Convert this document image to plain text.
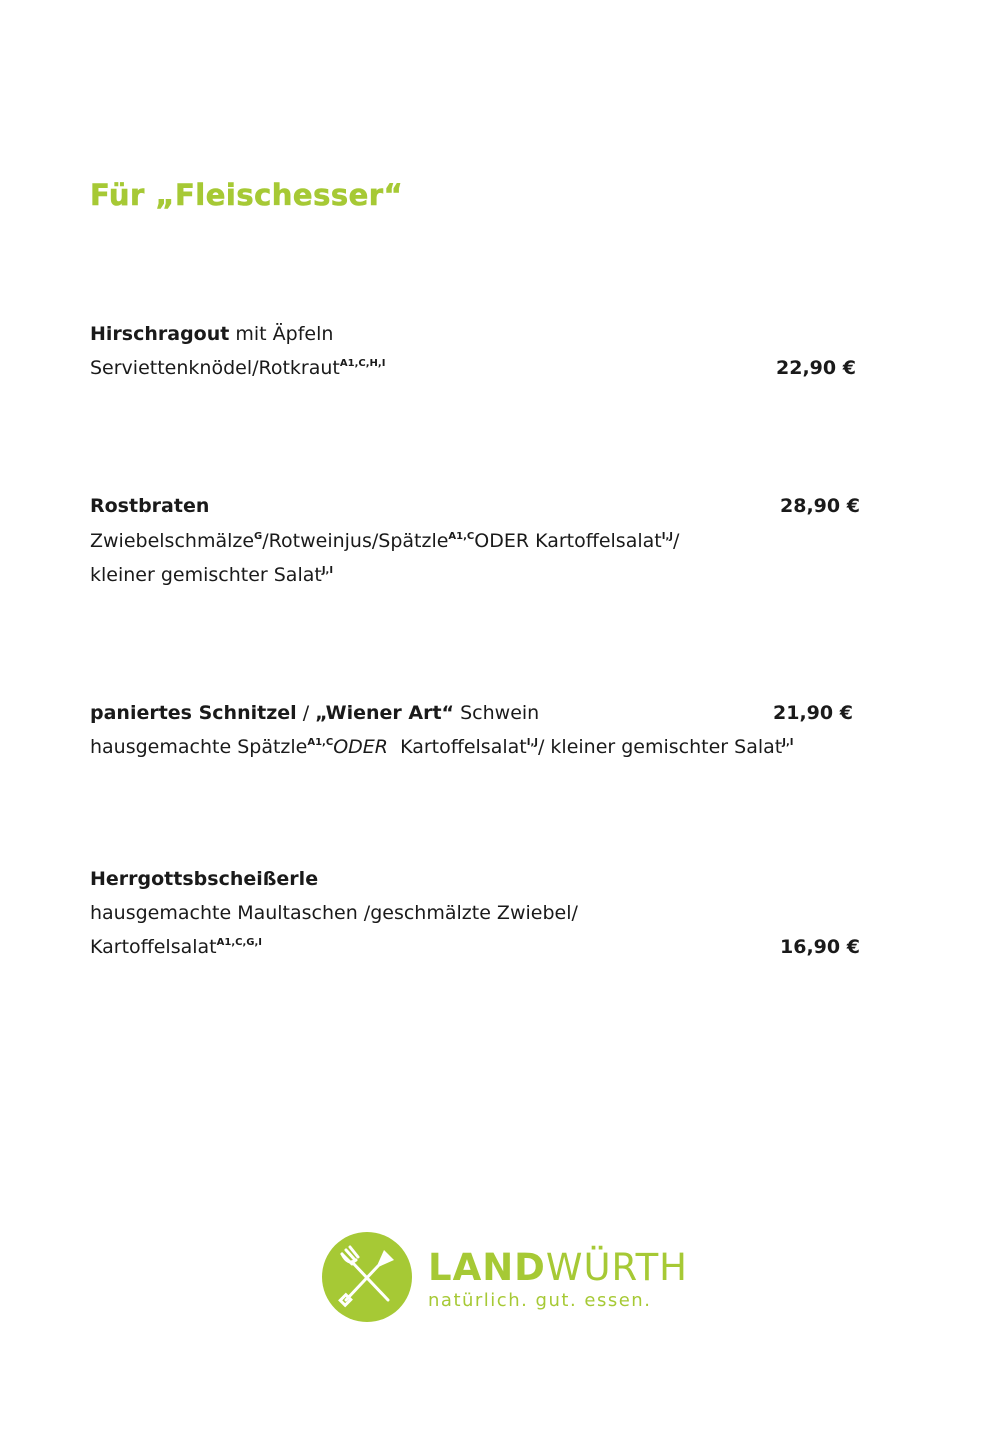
Für „Fleischesser“
Hirschragout mit Äpfeln
Serviettenknödel/Rotkraut$^{A1,C,H,I}$	22,90 €
Rostbraten	28,90 €
Zwiebelschmälze$^G$/Rotweinjus/Spätzle$^{A1,C}$ODER Kartoffelsalat$^{I,J}$/
kleiner gemischter Salat$^{J,I}$
paniertes Schnitzel / „Wiener Art“ Schwein	21,90 €
hausgemachte Spätzle$^{A1,C}$ODER  Kartoffelsalat$^{I,J}$/ kleiner gemischter Salat$^{J,I}$
Herrgottsbscheißerle
hausgemachte Maultaschen /geschmälzte Zwiebel/
Kartoffelsalat$^{A1,C,G,I}$	16,90 €
LANDWÜRTH
natürlich. gut. essen.
